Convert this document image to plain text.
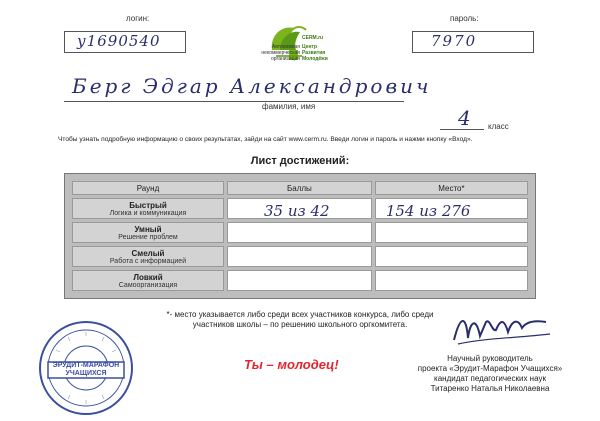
логин:
у1690540
пароль:
7970
Автономная
некоммерческая
организация
Центр
Развития
Молодёжи
CERM.ru
Берг Эдгар Александрович
фамилия, имя	4 класс
Чтобы узнать подробную информацию о своих результатах, зайди на сайт www.cerm.ru. Введи логин и пароль и нажми кнопку «Вход».
Лист достижений:
Раунд	Баллы	Место*

Быстрый
Логика и коммуникация	35 из 42	154 из 276

Умный
Решение проблем		

Смелый
Работа с информацией		

Ловкий
Самоорганизация		

*- место указывается либо среди всех участников конкурса, либо среди участников школы – по решению школьного оргкомитета.
ЭРУДИТ-МАРАФОН
УЧАЩИХСЯ
Ты – молодец!	Научный руководитель
проекта «Эрудит-Марафон Учащихся»
кандидат педагогических наук
Титаренко Наталья Николаевна
